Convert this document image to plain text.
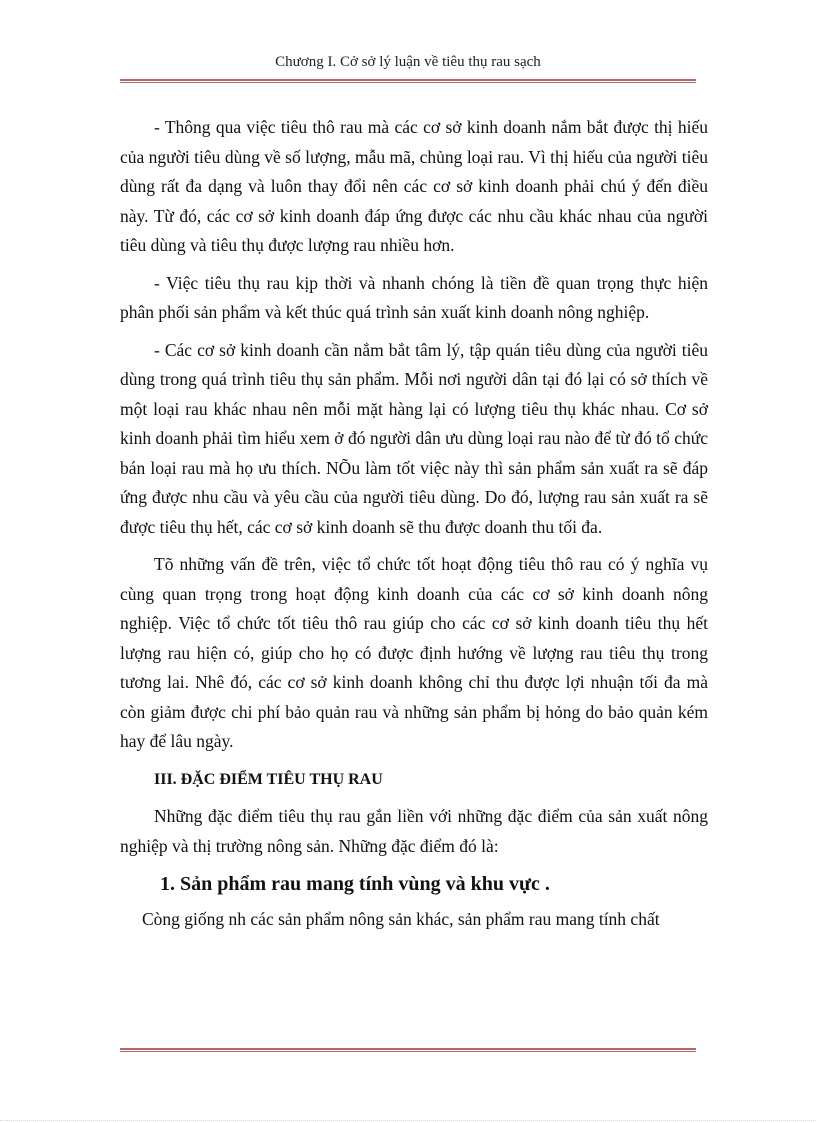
Chương I. Cở sở lý luận về tiêu thụ rau sạch

- Thông qua việc tiêu thô rau mà các cơ sở kinh doanh nắm bắt được thị hiếu của người tiêu dùng về số lượng, mẫu mã, chủng loại rau. Vì thị hiếu của người tiêu dùng rất đa dạng và luôn thay đổi nên các cơ sở kinh doanh phải chú ý đến điều này. Từ đó, các cơ sở kinh doanh đáp ứng được các nhu cầu khác nhau của người tiêu dùng và tiêu thụ được lượng rau nhiều hơn.

- Việc tiêu thụ rau kịp thời và nhanh chóng là tiền đề quan trọng thực hiện phân phối sản phẩm và kết thúc quá trình sản xuất kinh doanh nông nghiệp.

- Các cơ sở kinh doanh cần nắm bắt tâm lý, tập quán tiêu dùng của người tiêu dùng trong quá trình tiêu thụ sản phẩm. Mỗi nơi người dân tại đó lại có sở thích về một loại rau khác nhau nên mỗi mặt hàng lại có lượng tiêu thụ khác nhau. Cơ sở kinh doanh phải tìm hiểu xem ở đó người dân ưu dùng loại rau nào để từ đó tổ chức bán loại rau mà họ ưu thích. NÕu làm tốt việc này thì sản phẩm sản xuất ra sẽ đáp ứng được nhu cầu và yêu cầu của người tiêu dùng. Do đó, lượng rau sản xuất ra sẽ được tiêu thụ hết, các cơ sở kinh doanh sẽ thu được doanh thu tối đa.

Tõ những vấn đề trên, việc tổ chức tốt hoạt động tiêu thô rau có ý nghĩa vụ cùng quan trọng trong hoạt động kinh doanh của các cơ sở kinh doanh nông nghiệp. Việc tổ chức tốt tiêu thô rau giúp cho các cơ sở kinh doanh tiêu thụ hết lượng rau hiện có, giúp cho họ có được định hướng về lượng rau tiêu thụ trong tương lai. Nhê đó, các cơ sở kinh doanh không chỉ thu được lợi nhuận tối đa mà còn giảm được chi phí bảo quản rau và những sản phẩm bị hỏng do bảo quản kém hay để lâu ngày.

III. ĐẶC ĐIỂM TIÊU THỤ RAU

Những đặc điểm tiêu thụ rau gắn liền với những đặc điểm của sản xuất nông nghiệp và thị trường nông sản. Những đặc điểm đó là:

1. Sản phẩm rau mang tính vùng và khu vực .

Còng giống nh các sản phẩm nông sản khác, sản phẩm rau mang tính chất
